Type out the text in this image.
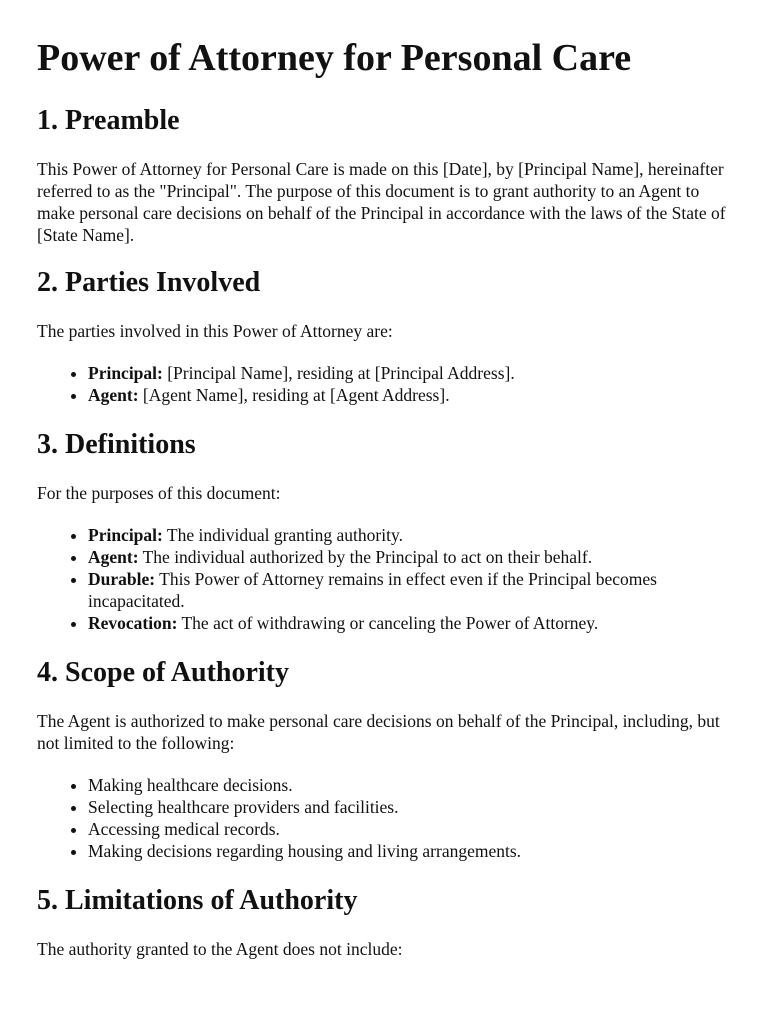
Power of Attorney for Personal Care
1. Preamble

This Power of Attorney for Personal Care is made on this [Date], by [Principal Name], hereinafter referred to as the "Principal". The purpose of this document is to grant authority to an Agent to make personal care decisions on behalf of the Principal in accordance with the laws of the State of [State Name].

2. Parties Involved

The parties involved in this Power of Attorney are:

• Principal: [Principal Name], residing at [Principal Address].
• Agent: [Agent Name], residing at [Agent Address].
3. Definitions

For the purposes of this document:

• Principal: The individual granting authority.
• Agent: The individual authorized by the Principal to act on their behalf.
• Durable: This Power of Attorney remains in effect even if the Principal becomes incapacitated.
• Revocation: The act of withdrawing or canceling the Power of Attorney.
4. Scope of Authority

The Agent is authorized to make personal care decisions on behalf of the Principal, including, but not limited to the following:

• Making healthcare decisions.
• Selecting healthcare providers and facilities.
• Accessing medical records.
• Making decisions regarding housing and living arrangements.
5. Limitations of Authority

The authority granted to the Agent does not include:
